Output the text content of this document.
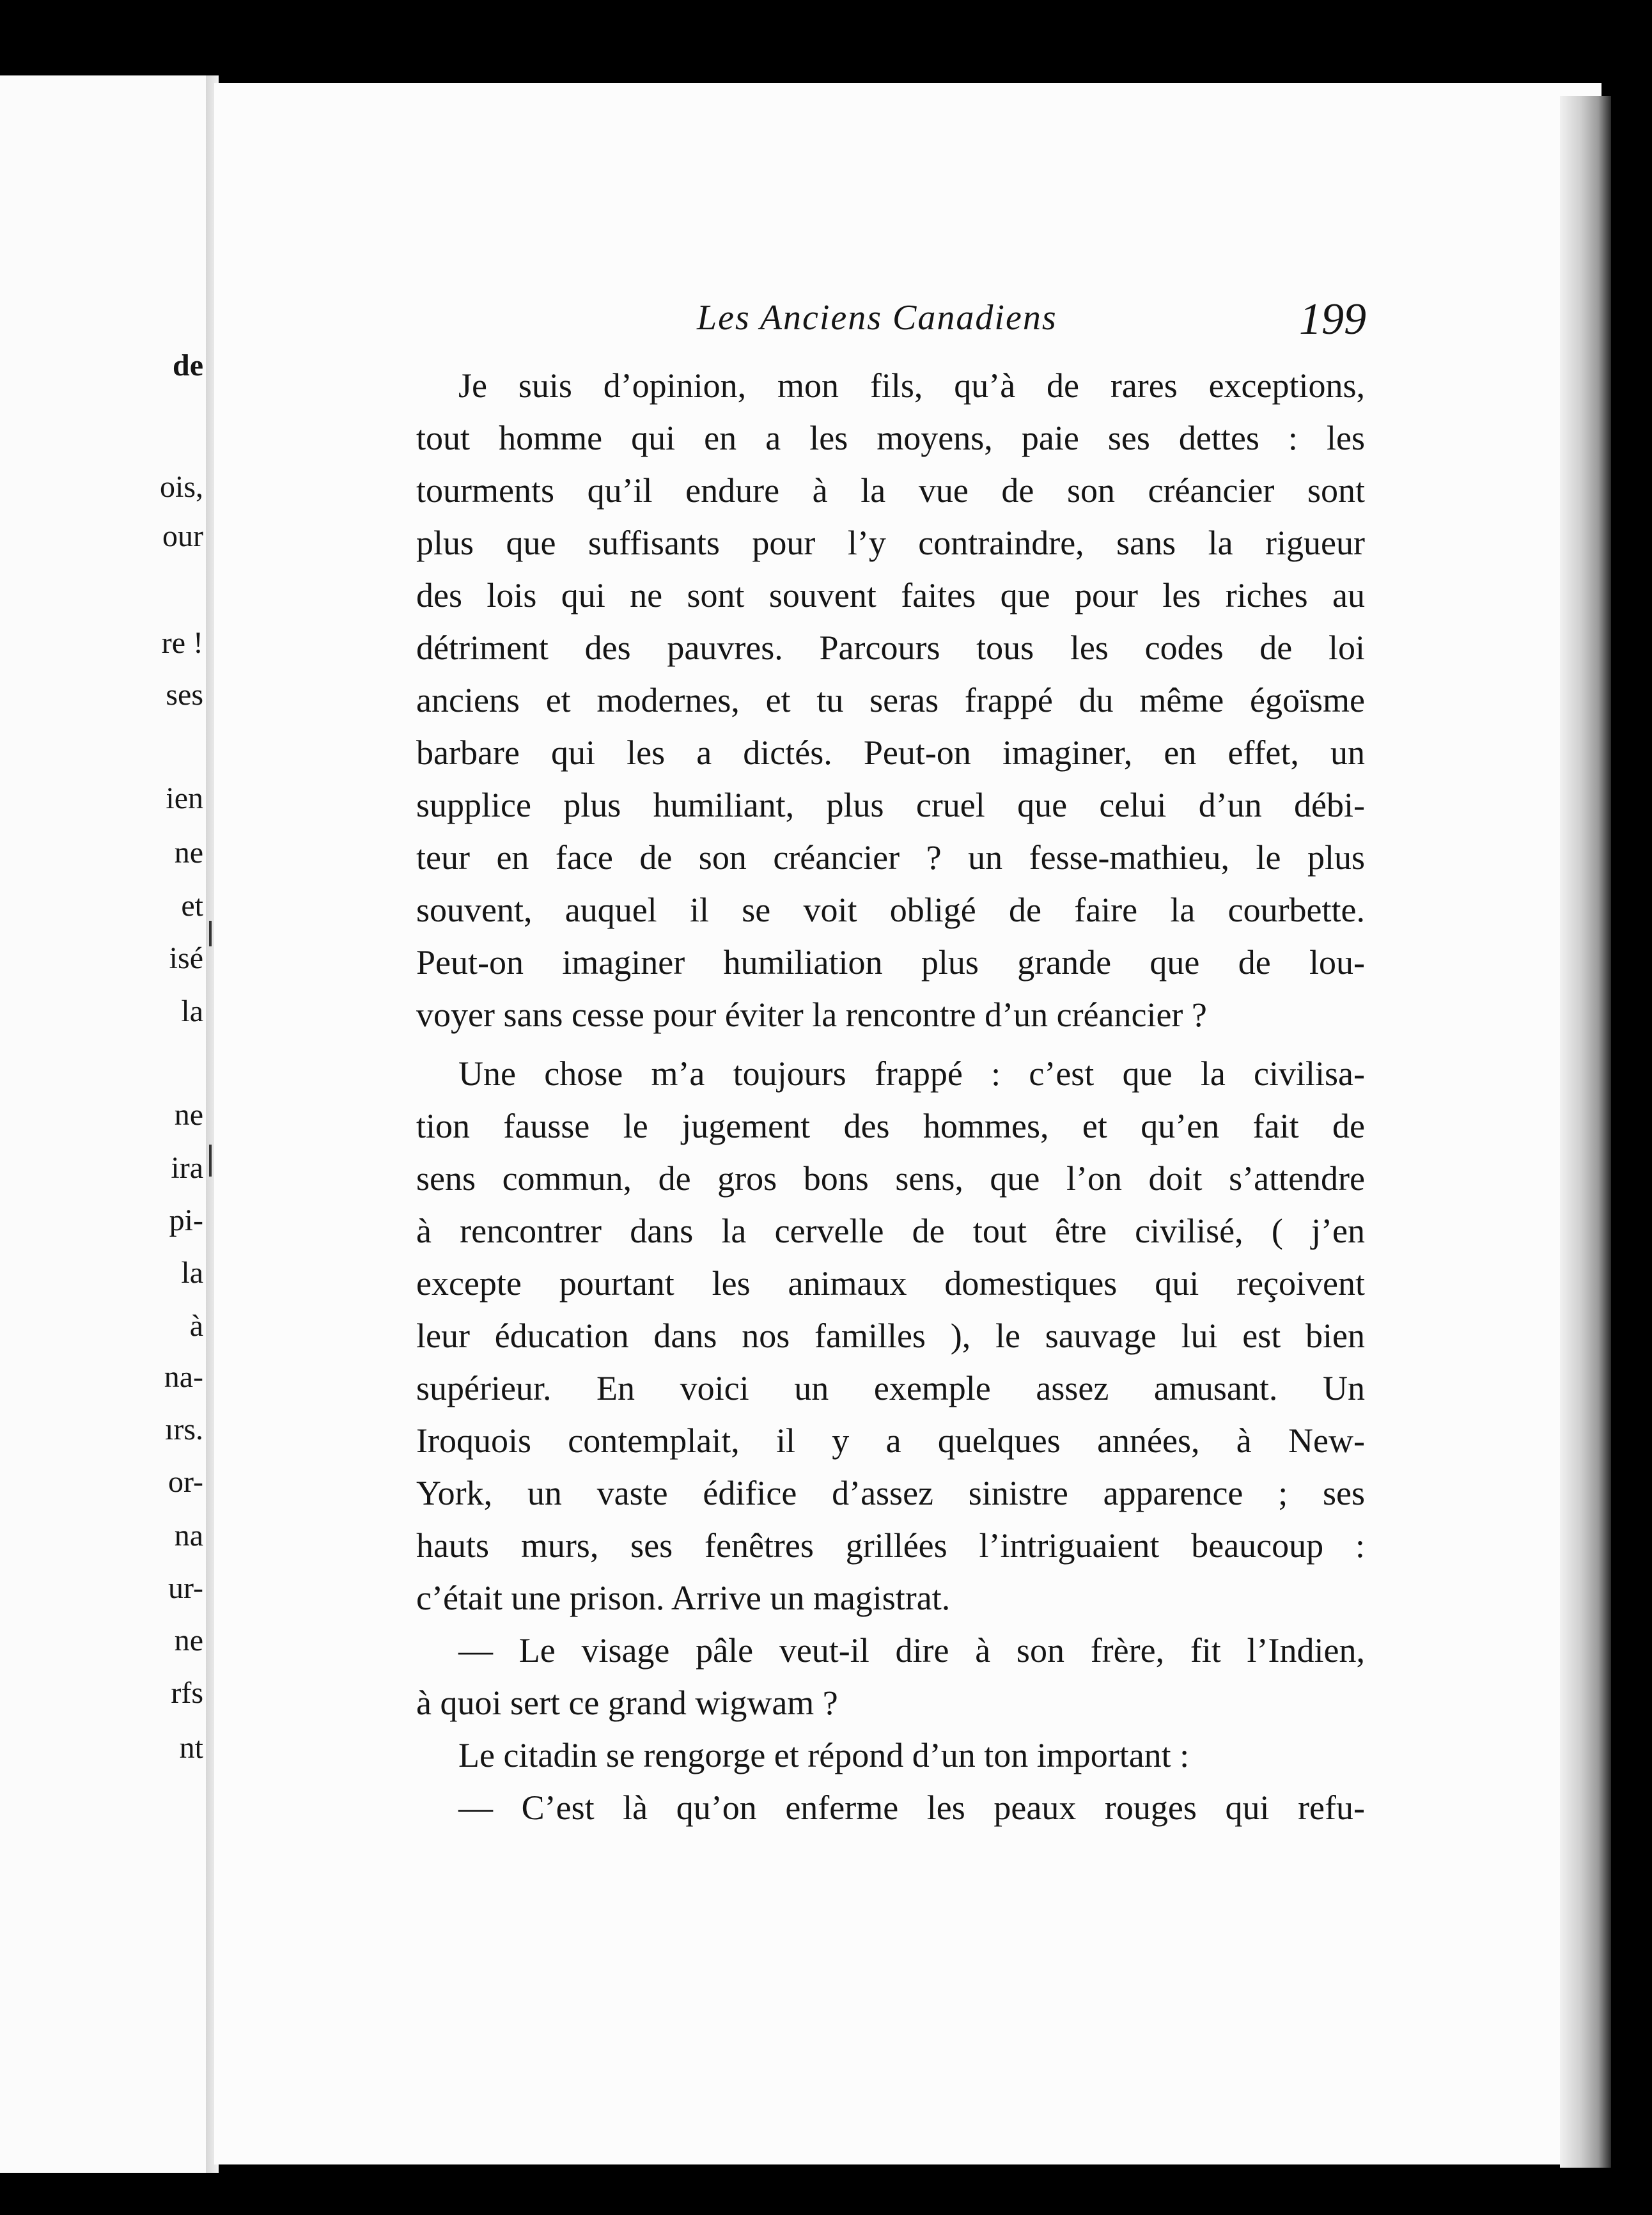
de

ois,

our

re !

ses

ien

ne

et

isé

la

ne

ira

pi-

la

à

na-

ırs.

or-

na

ur-

ne

rfs

nt

Les Anciens Canadiens	199

Je suis d’opinion, mon fils, qu’à de rares exceptions,
tout homme qui en a les moyens, paie ses dettes : les
tourments qu’il endure à la vue de son créancier sont
plus que suffisants pour l’y contraindre, sans la rigueur
des lois qui ne sont souvent faites que pour les riches au
détriment des pauvres. Parcours tous les codes de loi
anciens et modernes, et tu seras frappé du même égoïsme
barbare qui les a dictés. Peut-on imaginer, en effet, un
supplice plus humiliant, plus cruel que celui d’un débi-
teur en face de son créancier ? un fesse-mathieu, le plus
souvent, auquel il se voit obligé de faire la courbette.
Peut-on imaginer humiliation plus grande que de lou-
voyer sans cesse pour éviter la rencontre d’un créancier ?
Une chose m’a toujours frappé : c’est que la civilisa-
tion fausse le jugement des hommes, et qu’en fait de
sens commun, de gros bons sens, que l’on doit s’attendre
à rencontrer dans la cervelle de tout être civilisé, ( j’en
excepte pourtant les animaux domestiques qui reçoivent
leur éducation dans nos familles ), le sauvage lui est bien
supérieur. En voici un exemple assez amusant. Un
Iroquois contemplait, il y a quelques années, à New-
York, un vaste édifice d’assez sinistre apparence ; ses
hauts murs, ses fenêtres grillées l’intriguaient beaucoup :
c’était une prison. Arrive un magistrat.
— Le visage pâle veut-il dire à son frère, fit l’Indien,
à quoi sert ce grand wigwam ?
Le citadin se rengorge et répond d’un ton important :
— C’est là qu’on enferme les peaux rouges qui refu-
